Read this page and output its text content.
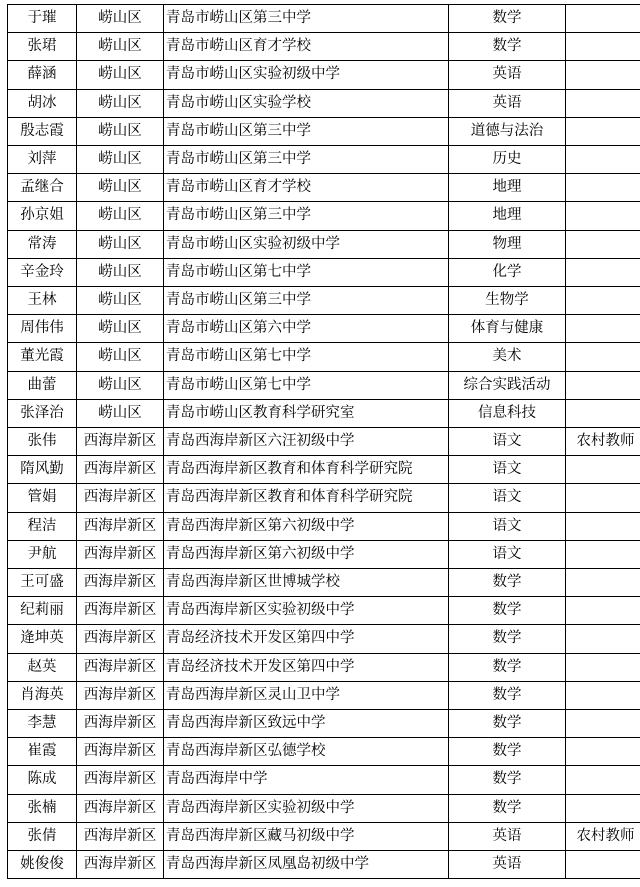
于璀	崂山区	青岛市崂山区第三中学	数学	
张珺	崂山区	青岛市崂山区育才学校	数学	
薛涵	崂山区	青岛市崂山区实验初级中学	英语	
胡冰	崂山区	青岛市崂山区实验学校	英语	
殷志霞	崂山区	青岛市崂山区第三中学	道德与法治	
刘萍	崂山区	青岛市崂山区第三中学	历史	
孟继合	崂山区	青岛市崂山区育才学校	地理	
孙京姐	崂山区	青岛市崂山区第三中学	地理	
常涛	崂山区	青岛市崂山区实验初级中学	物理	
辛金玲	崂山区	青岛市崂山区第七中学	化学	
王林	崂山区	青岛市崂山区第三中学	生物学	
周伟伟	崂山区	青岛市崂山区第六中学	体育与健康	
董光霞	崂山区	青岛市崂山区第七中学	美术	
曲蕾	崂山区	青岛市崂山区第七中学	综合实践活动	
张泽治	崂山区	青岛市崂山区教育科学研究室	信息科技	
张伟	西海岸新区	青岛西海岸新区六汪初级中学	语文	农村教师
隋风勤	西海岸新区	青岛西海岸新区教育和体育科学研究院	语文	
管娟	西海岸新区	青岛西海岸新区教育和体育科学研究院	语文	
程洁	西海岸新区	青岛西海岸新区第六初级中学	语文	
尹航	西海岸新区	青岛西海岸新区第六初级中学	语文	
王可盛	西海岸新区	青岛西海岸新区世博城学校	数学	
纪莉丽	西海岸新区	青岛西海岸新区实验初级中学	数学	
逄坤英	西海岸新区	青岛经济技术开发区第四中学	数学	
赵英	西海岸新区	青岛经济技术开发区第四中学	数学	
肖海英	西海岸新区	青岛西海岸新区灵山卫中学	数学	
李慧	西海岸新区	青岛西海岸新区致远中学	数学	
崔霞	西海岸新区	青岛西海岸新区弘德学校	数学	
陈成	西海岸新区	青岛西海岸中学	数学	
张楠	西海岸新区	青岛西海岸新区实验初级中学	数学	
张倩	西海岸新区	青岛西海岸新区藏马初级中学	英语	农村教师
姚俊俊	西海岸新区	青岛西海岸新区凤凰岛初级中学	英语	
